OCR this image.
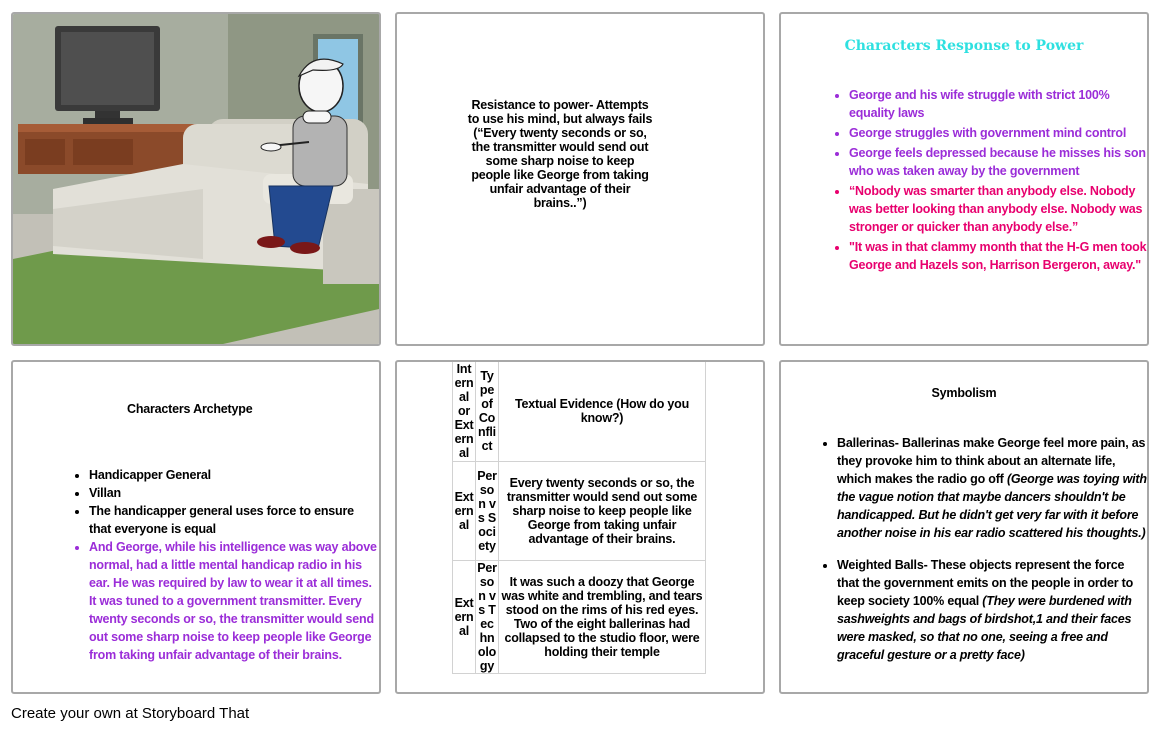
Resistance to power- Attempts to use his mind, but always fails (“Every twenty seconds or so, the transmitter would send out some sharp noise to keep people like George from taking unfair advantage of their brains..”)
Characters Response to Power
• George and his wife struggle with strict 100% equality laws
• George struggles with government mind control
• George feels depressed because he misses his son who was taken away by the government
• “Nobody was smarter than anybody else. Nobody was better looking than anybody else. Nobody was stronger or quicker than anybody else.”
• "It was in that clammy month that the H-G men took George and Hazels son, Harrison Bergeron, away."
Characters Archetype
• Handicapper General
• Villan
• The handicapper general uses force to ensure that everyone is equal
• And George, while his intelligence was way above normal, had a little mental handicap radio in his ear. He was required by law to wear it at all times. It was tuned to a government transmitter. Every twenty seconds or so, the transmitter would send out some sharp noise to keep people like George from taking unfair advantage of their brains.
Internal or External	Type of Conflict	Textual Evidence (How do you know?)
External	Person vs Society	Every twenty seconds or so, the transmitter would send out some sharp noise to keep people like George from taking unfair advantage of their brains.
External	Person vs Technology	It was such a doozy that George was white and trembling, and tears stood on the rims of his red eyes. Two of the eight ballerinas had collapsed to the studio floor, were holding their temple
Symbolism
• Ballerinas- Ballerinas make George feel more pain, as they provoke him to think about an alternate life, which makes the radio go off (George was toying with the vague notion that maybe dancers shouldn't be handicapped. But he didn't get very far with it before another noise in his ear radio scattered his thoughts.)
• Weighted Balls- These objects represent the force that the government emits on the people in order to keep society 100% equal (They were burdened with sashweights and bags of birdshot,1 and their faces were masked, so that no one, seeing a free and graceful gesture or a pretty face)
Create your own at Storyboard That
